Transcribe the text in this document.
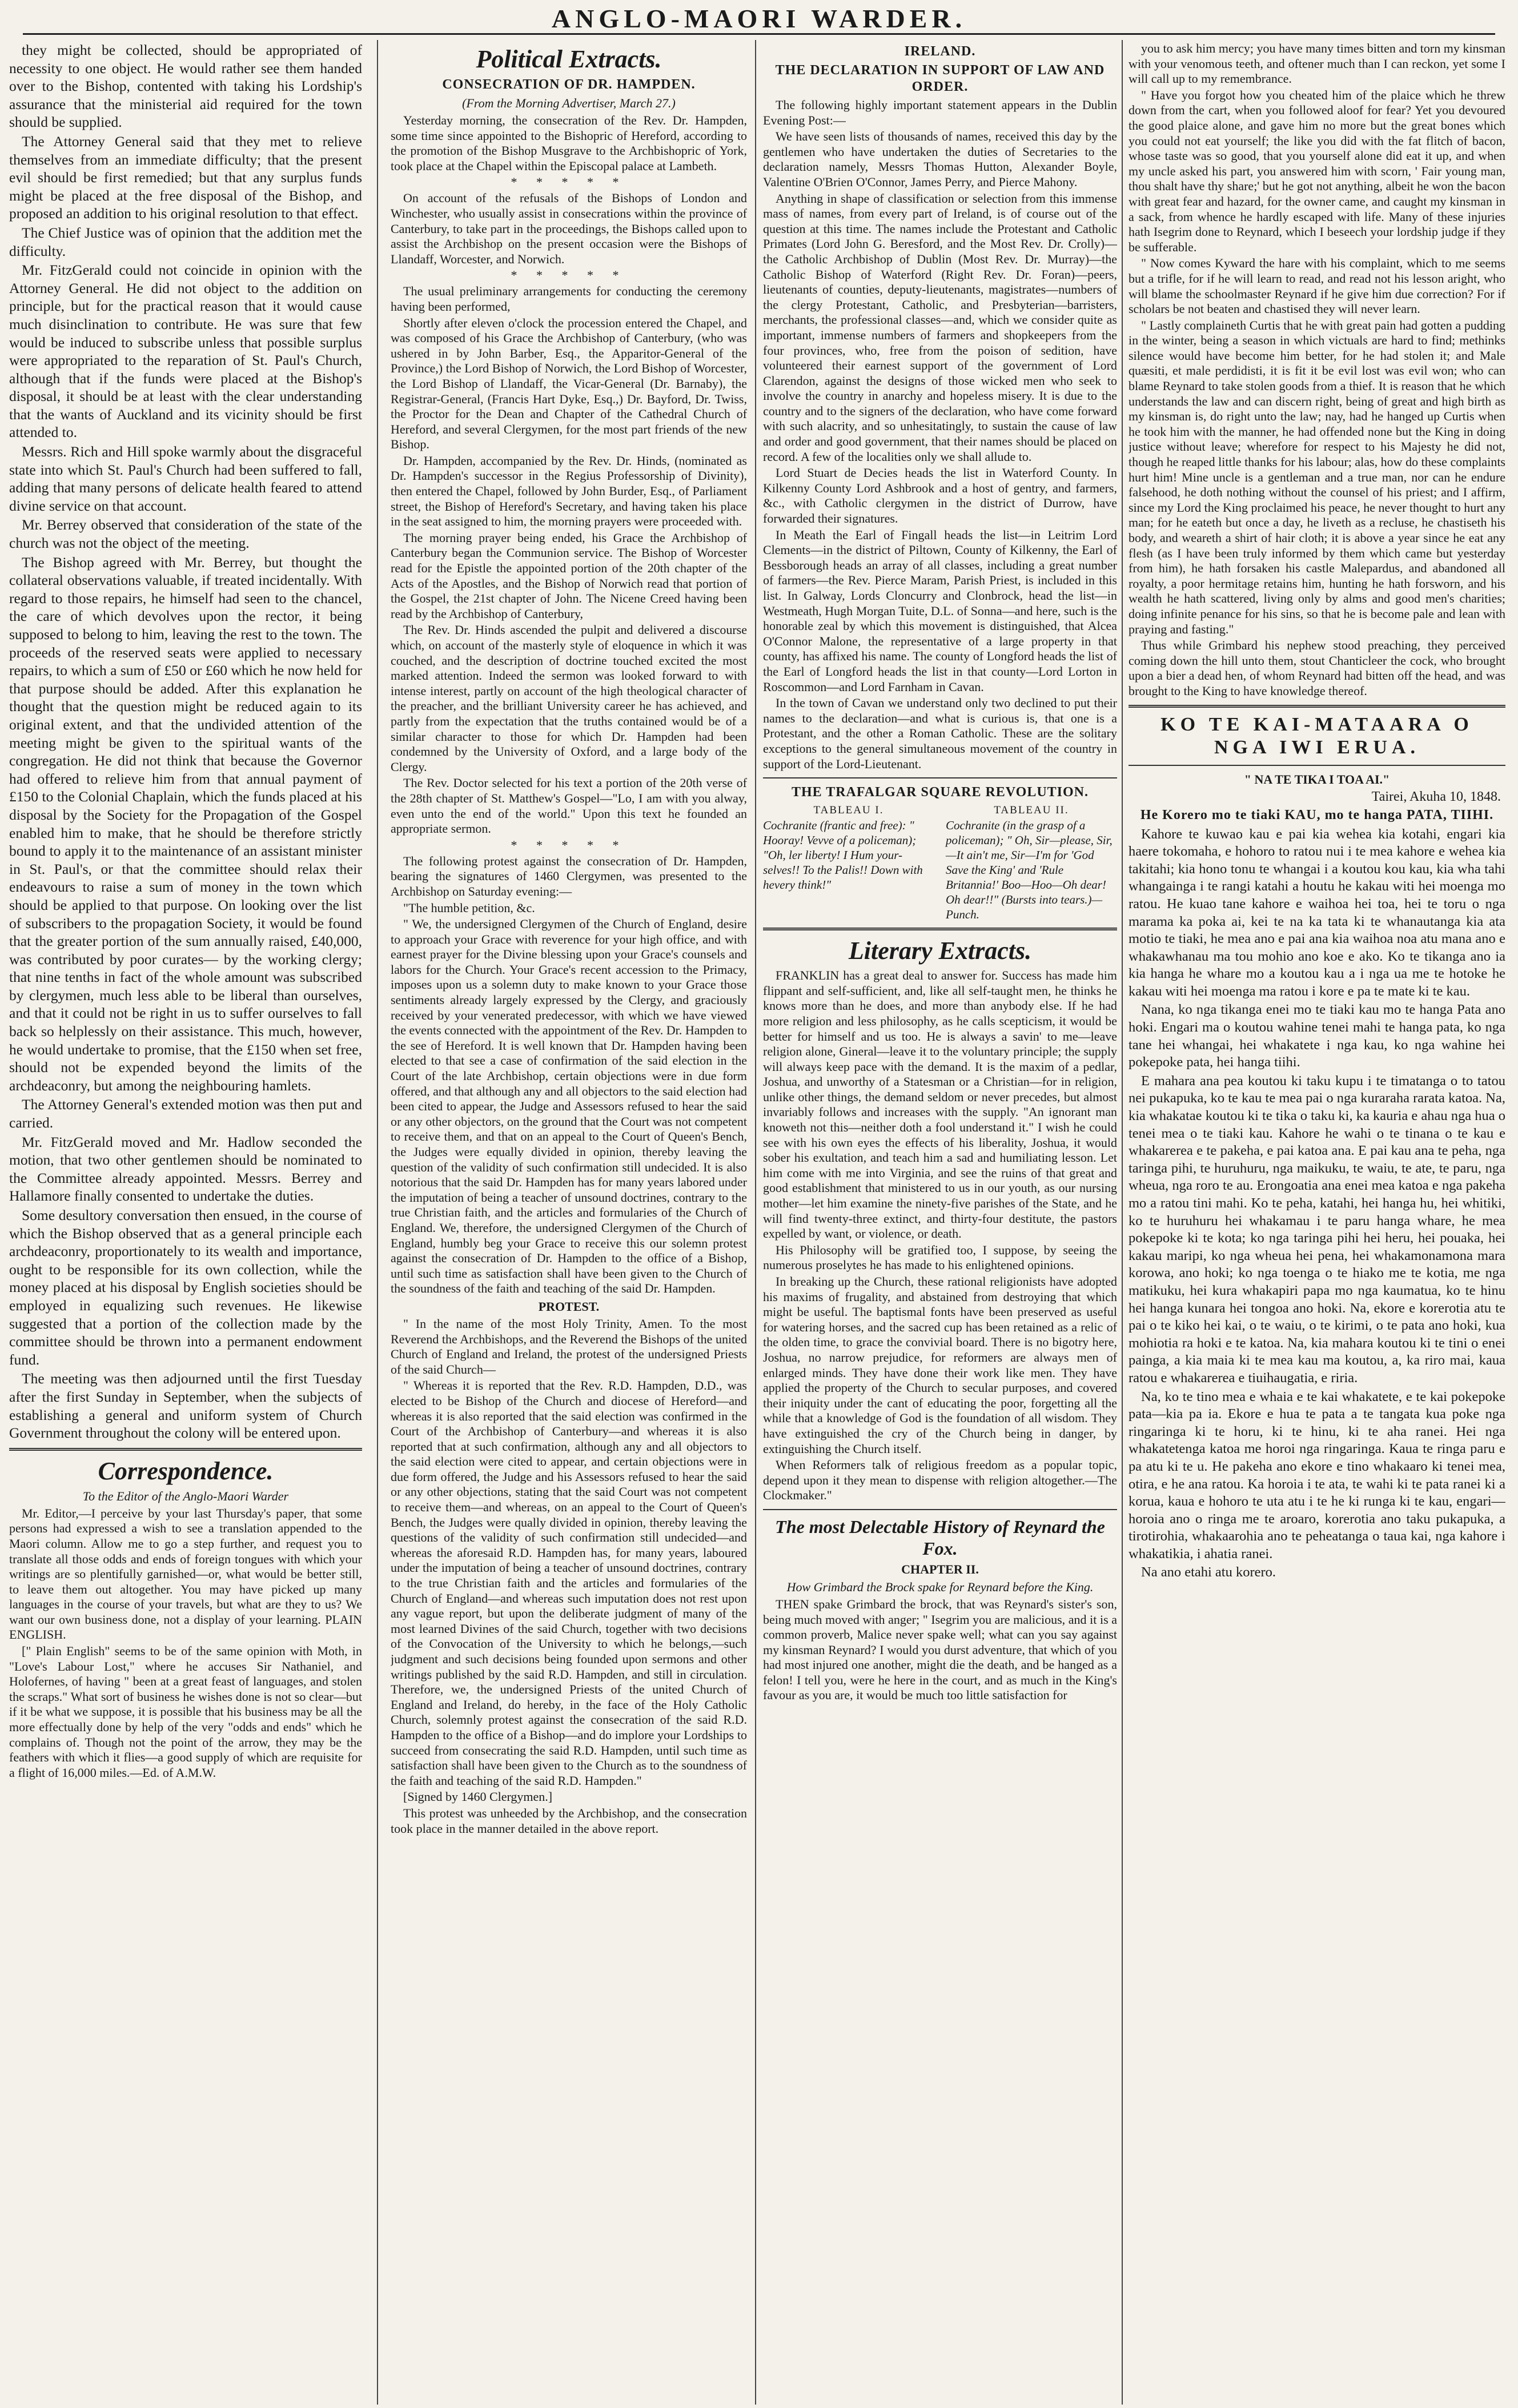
ANGLO-MAORI WARDER.

they might be collected, should be appropriated of necessity to one object. He would rather see them handed over to the Bishop, contented with taking his Lordship's assurance that the ministerial aid required for the town should be supplied.

The Attorney General said that they met to relieve themselves from an immediate difficulty; that the present evil should be first remedied; but that any surplus funds might be placed at the free disposal of the Bishop, and proposed an addition to his original resolution to that effect.

The Chief Justice was of opinion that the addition met the difficulty.

Mr. FitzGerald could not coincide in opinion with the Attorney General. He did not object to the addition on principle, but for the practical reason that it would cause much disinclination to contribute. He was sure that few would be induced to subscribe unless that possible surplus were appropriated to the reparation of St. Paul's Church, although that if the funds were placed at the Bishop's disposal, it should be at least with the clear understanding that the wants of Auckland and its vicinity should be first attended to.

Messrs. Rich and Hill spoke warmly about the disgraceful state into which St. Paul's Church had been suffered to fall, adding that many persons of delicate health feared to attend divine service on that account.

Mr. Berrey observed that consideration of the state of the church was not the object of the meeting.

The Bishop agreed with Mr. Berrey, but thought the collateral observations valuable, if treated incidentally. With regard to those repairs, he himself had seen to the chancel, the care of which devolves upon the rector, it being supposed to belong to him, leaving the rest to the town. The proceeds of the reserved seats were applied to necessary repairs, to which a sum of £50 or £60 which he now held for that purpose should be added. After this explanation he thought that the question might be reduced again to its original extent, and that the undivided attention of the meeting might be given to the spiritual wants of the congregation. He did not think that because the Governor had offered to relieve him from that annual payment of £150 to the Colonial Chaplain, which the funds placed at his disposal by the Society for the Propagation of the Gospel enabled him to make, that he should be therefore strictly bound to apply it to the maintenance of an assistant minister in St. Paul's, or that the committee should relax their endeavours to raise a sum of money in the town which should be applied to that purpose. On looking over the list of subscribers to the propagation Society, it would be found that the greater portion of the sum annually raised, £40,000, was contributed by poor curates— by the working clergy; that nine tenths in fact of the whole amount was subscribed by clergymen, much less able to be liberal than ourselves, and that it could not be right in us to suffer ourselves to fall back so helplessly on their assistance. This much, however, he would undertake to promise, that the £150 when set free, should not be expended beyond the limits of the archdeaconry, but among the neighbouring hamlets.

The Attorney General's extended motion was then put and carried.

Mr. FitzGerald moved and Mr. Hadlow seconded the motion, that two other gentlemen should be nominated to the Committee already appointed. Messrs. Berrey and Hallamore finally consented to undertake the duties.

Some desultory conversation then ensued, in the course of which the Bishop observed that as a general principle each archdeaconry, proportionately to its wealth and importance, ought to be responsible for its own collection, while the money placed at his disposal by English societies should be employed in equalizing such revenues. He likewise suggested that a portion of the collection made by the committee should be thrown into a permanent endowment fund.

The meeting was then adjourned until the first Tuesday after the first Sunday in September, when the subjects of establishing a general and uniform system of Church Government throughout the colony will be entered upon.

Correspondence.
To the Editor of the Anglo-Maori Warder

Mr. Editor,—I perceive by your last Thursday's paper, that some persons had expressed a wish to see a translation appended to the Maori column. Allow me to go a step further, and request you to translate all those odds and ends of foreign tongues with which your writings are so plentifully garnished—or, what would be better still, to leave them out altogether. You may have picked up many languages in the course of your travels, but what are they to us? We want our own business done, not a display of your learning. PLAIN ENGLISH.

[" Plain English" seems to be of the same opinion with Moth, in "Love's Labour Lost," where he accuses Sir Nathaniel, and Holofernes, of having " been at a great feast of languages, and stolen the scraps." What sort of business he wishes done is not so clear—but if it be what we suppose, it is possible that his business may be all the more effectually done by help of the very "odds and ends" which he complains of. Though not the point of the arrow, they may be the feathers with which it flies—a good supply of which are requisite for a flight of 16,000 miles.—Ed. of A.M.W.

Political Extracts.
CONSECRATION OF DR. HAMPDEN.
(From the Morning Advertiser, March 27.)

Yesterday morning, the consecration of the Rev. Dr. Hampden, some time since appointed to the Bishopric of Hereford, according to the promotion of the Bishop Musgrave to the Archbishopric of York, took place at the Chapel within the Episcopal palace at Lambeth.

* * * * *

On account of the refusals of the Bishops of London and Winchester, who usually assist in consecrations within the province of Canterbury, to take part in the proceedings, the Bishops called upon to assist the Archbishop on the present occasion were the Bishops of Llandaff, Worcester, and Norwich.

* * * * *

The usual preliminary arrangements for conducting the ceremony having been performed,

Shortly after eleven o'clock the procession entered the Chapel, and was composed of his Grace the Archbishop of Canterbury, (who was ushered in by John Barber, Esq., the Apparitor-General of the Province,) the Lord Bishop of Norwich, the Lord Bishop of Worcester, the Lord Bishop of Llandaff, the Vicar-General (Dr. Barnaby), the Registrar-General, (Francis Hart Dyke, Esq.,) Dr. Bayford, Dr. Twiss, the Proctor for the Dean and Chapter of the Cathedral Church of Hereford, and several Clergymen, for the most part friends of the new Bishop.

Dr. Hampden, accompanied by the Rev. Dr. Hinds, (nominated as Dr. Hampden's successor in the Regius Professorship of Divinity), then entered the Chapel, followed by John Burder, Esq., of Parliament street, the Bishop of Hereford's Secretary, and having taken his place in the seat assigned to him, the morning prayers were proceeded with.

The morning prayer being ended, his Grace the Archbishop of Canterbury began the Communion service. The Bishop of Worcester read for the Epistle the appointed portion of the 20th chapter of the Acts of the Apostles, and the Bishop of Norwich read that portion of the Gospel, the 21st chapter of John. The Nicene Creed having been read by the Archbishop of Canterbury,

The Rev. Dr. Hinds ascended the pulpit and delivered a discourse which, on account of the masterly style of eloquence in which it was couched, and the description of doctrine touched excited the most marked attention. Indeed the sermon was looked forward to with intense interest, partly on account of the high theological character of the preacher, and the brilliant University career he has achieved, and partly from the expectation that the truths contained would be of a similar character to those for which Dr. Hampden had been condemned by the University of Oxford, and a large body of the Clergy.

The Rev. Doctor selected for his text a portion of the 20th verse of the 28th chapter of St. Matthew's Gospel—"Lo, I am with you alway, even unto the end of the world." Upon this text he founded an appropriate sermon.

* * * * *

The following protest against the consecration of Dr. Hampden, bearing the signatures of 1460 Clergymen, was presented to the Archbishop on Saturday evening:—

"The humble petition, &c.

" We, the undersigned Clergymen of the Church of England, desire to approach your Grace with reverence for your high office, and with earnest prayer for the Divine blessing upon your Grace's counsels and labors for the Church. Your Grace's recent accession to the Primacy, imposes upon us a solemn duty to make known to your Grace those sentiments already largely expressed by the Clergy, and graciously received by your venerated predecessor, with which we have viewed the events connected with the appointment of the Rev. Dr. Hampden to the see of Hereford. It is well known that Dr. Hampden having been elected to that see a case of confirmation of the said election in the Court of the late Archbishop, certain objections were in due form offered, and that although any and all objectors to the said election had been cited to appear, the Judge and Assessors refused to hear the said or any other objectors, on the ground that the Court was not competent to receive them, and that on an appeal to the Court of Queen's Bench, the Judges were equally divided in opinion, thereby leaving the question of the validity of such confirmation still undecided. It is also notorious that the said Dr. Hampden has for many years labored under the imputation of being a teacher of unsound doctrines, contrary to the true Christian faith, and the articles and formularies of the Church of England. We, therefore, the undersigned Clergymen of the Church of England, humbly beg your Grace to receive this our solemn protest against the consecration of Dr. Hampden to the office of a Bishop, until such time as satisfaction shall have been given to the Church of the soundness of the faith and teaching of the said Dr. Hampden.

PROTEST.

" In the name of the most Holy Trinity, Amen. To the most Reverend the Archbishops, and the Reverend the Bishops of the united Church of England and Ireland, the protest of the undersigned Priests of the said Church—

" Whereas it is reported that the Rev. R.D. Hampden, D.D., was elected to be Bishop of the Church and diocese of Hereford—and whereas it is also reported that the said election was confirmed in the Court of the Archbishop of Canterbury—and whereas it is also reported that at such confirmation, although any and all objectors to the said election were cited to appear, and certain objections were in due form offered, the Judge and his Assessors refused to hear the said or any other objections, stating that the said Court was not competent to receive them—and whereas, on an appeal to the Court of Queen's Bench, the Judges were qually divided in opinion, thereby leaving the questions of the validity of such confirmation still undecided—and whereas the aforesaid R.D. Hampden has, for many years, laboured under the imputation of being a teacher of unsound doctrines, contrary to the true Christian faith and the articles and formularies of the Church of England—and whereas such imputation does not rest upon any vague report, but upon the deliberate judgment of many of the most learned Divines of the said Church, together with two decisions of the Convocation of the University to which he belongs,—such judgment and such decisions being founded upon sermons and other writings published by the said R.D. Hampden, and still in circulation. Therefore, we, the undersigned Priests of the united Church of England and Ireland, do hereby, in the face of the Holy Catholic Church, solemnly protest against the consecration of the said R.D. Hampden to the office of a Bishop—and do implore your Lordships to succeed from consecrating the said R.D. Hampden, until such time as satisfaction shall have been given to the Church as to the soundness of the faith and teaching of the said R.D. Hampden."

[Signed by 1460 Clergymen.]

This protest was unheeded by the Archbishop, and the consecration took place in the manner detailed in the above report.

IRELAND.
THE DECLARATION IN SUPPORT OF LAW AND ORDER.

The following highly important statement appears in the Dublin Evening Post:—

We have seen lists of thousands of names, received this day by the gentlemen who have undertaken the duties of Secretaries to the declaration namely, Messrs Thomas Hutton, Alexander Boyle, Valentine O'Brien O'Connor, James Perry, and Pierce Mahony.

Anything in shape of classification or selection from this immense mass of names, from every part of Ireland, is of course out of the question at this time. The names include the Protestant and Catholic Primates (Lord John G. Beresford, and the Most Rev. Dr. Crolly)—the Catholic Archbishop of Dublin (Most Rev. Dr. Murray)—the Catholic Bishop of Waterford (Right Rev. Dr. Foran)—peers, lieutenants of counties, deputy-lieutenants, magistrates—numbers of the clergy Protestant, Catholic, and Presbyterian—barristers, merchants, the professional classes—and, which we consider quite as important, immense numbers of farmers and shopkeepers from the four provinces, who, free from the poison of sedition, have volunteered their earnest support of the government of Lord Clarendon, against the designs of those wicked men who seek to involve the country in anarchy and hopeless misery. It is due to the country and to the signers of the declaration, who have come forward with such alacrity, and so unhesitatingly, to sustain the cause of law and order and good government, that their names should be placed on record. A few of the localities only we shall allude to.

Lord Stuart de Decies heads the list in Waterford County. In Kilkenny County Lord Ashbrook and a host of gentry, and farmers, &c., with Catholic clergymen in the district of Durrow, have forwarded their signatures.

In Meath the Earl of Fingall heads the list—in Leitrim Lord Clements—in the district of Piltown, County of Kilkenny, the Earl of Bessborough heads an array of all classes, including a great number of farmers—the Rev. Pierce Maram, Parish Priest, is included in this list. In Galway, Lords Cloncurry and Clonbrock, head the list—in Westmeath, Hugh Morgan Tuite, D.L. of Sonna—and here, such is the honorable zeal by which this movement is distinguished, that Alcea O'Connor Malone, the representative of a large property in that county, has affixed his name. The county of Longford heads the list of the Earl of Longford heads the list in that county—Lord Lorton in Roscommon—and Lord Farnham in Cavan.

In the town of Cavan we understand only two declined to put their names to the declaration—and what is curious is, that one is a Protestant, and the other a Roman Catholic. These are the solitary exceptions to the general simultaneous movement of the country in support of the Lord-Lieutenant.

THE TRAFALGAR SQUARE REVOLUTION.
TABLEAU I.
Cochranite (frantic and free): " Hooray! Vevve of a policeman); "Oh, ler liberty! I Hum your-selves!! To the Palis!! Down with hevery think!"
TABLEAU II.
Cochranite (in the grasp of a policeman); " Oh, Sir—please, Sir,—It ain't me, Sir—I'm for 'God Save the King' and 'Rule Britannia!' Boo—Hoo—Oh dear! Oh dear!!" (Bursts into tears.)— Punch.
Literary Extracts.

FRANKLIN has a great deal to answer for. Success has made him flippant and self-sufficient, and, like all self-taught men, he thinks he knows more than he does, and more than anybody else. If he had more religion and less philosophy, as he calls scepticism, it would be better for himself and us too. He is always a savin' to me—leave religion alone, Gineral—leave it to the voluntary principle; the supply will always keep pace with the demand. It is the maxim of a pedlar, Joshua, and unworthy of a Statesman or a Christian—for in religion, unlike other things, the demand seldom or never precedes, but almost invariably follows and increases with the supply. "An ignorant man knoweth not this—neither doth a fool understand it." I wish he could see with his own eyes the effects of his liberality, Joshua, it would sober his exultation, and teach him a sad and humiliating lesson. Let him come with me into Virginia, and see the ruins of that great and good establishment that ministered to us in our youth, as our nursing mother—let him examine the ninety-five parishes of the State, and he will find twenty-three extinct, and thirty-four destitute, the pastors expelled by want, or violence, or death.

His Philosophy will be gratified too, I suppose, by seeing the numerous proselytes he has made to his enlightened opinions.

In breaking up the Church, these rational religionists have adopted his maxims of frugality, and abstained from destroying that which might be useful. The baptismal fonts have been preserved as useful for watering horses, and the sacred cup has been retained as a relic of the olden time, to grace the convivial board. There is no bigotry here, Joshua, no narrow prejudice, for reformers are always men of enlarged minds. They have done their work like men. They have applied the property of the Church to secular purposes, and covered their iniquity under the cant of educating the poor, forgetting all the while that a knowledge of God is the foundation of all wisdom. They have extinguished the cry of the Church being in danger, by extinguishing the Church itself.

When Reformers talk of religious freedom as a popular topic, depend upon it they mean to dispense with religion altogether.—The Clockmaker."

The most Delectable History of Reynard the Fox.
CHAPTER II.
How Grimbard the Brock spake for Reynard before the King.

THEN spake Grimbard the brock, that was Reynard's sister's son, being much moved with anger; " Isegrim you are malicious, and it is a common proverb, Malice never spake well; what can you say against my kinsman Reynard? I would you durst adventure, that which of you had most injured one another, might die the death, and be hanged as a felon! I tell you, were he here in the court, and as much in the King's favour as you are, it would be much too little satisfaction for

you to ask him mercy; you have many times bitten and torn my kinsman with your venomous teeth, and oftener much than I can reckon, yet some I will call up to my remembrance.

" Have you forgot how you cheated him of the plaice which he threw down from the cart, when you followed aloof for fear? Yet you devoured the good plaice alone, and gave him no more but the great bones which you could not eat yourself; the like you did with the fat flitch of bacon, whose taste was so good, that you yourself alone did eat it up, and when my uncle asked his part, you answered him with scorn, ' Fair young man, thou shalt have thy share;' but he got not anything, albeit he won the bacon with great fear and hazard, for the owner came, and caught my kinsman in a sack, from whence he hardly escaped with life. Many of these injuries hath Isegrim done to Reynard, which I beseech your lordship judge if they be sufferable.

" Now comes Kyward the hare with his complaint, which to me seems but a trifle, for if he will learn to read, and read not his lesson aright, who will blame the schoolmaster Reynard if he give him due correction? For if scholars be not beaten and chastised they will never learn.

" Lastly complaineth Curtis that he with great pain had gotten a pudding in the winter, being a season in which victuals are hard to find; methinks silence would have become him better, for he had stolen it; and Male quæsiti, et male perdidisti, it is fit it be evil lost was evil won; who can blame Reynard to take stolen goods from a thief. It is reason that he which understands the law and can discern right, being of great and high birth as my kinsman is, do right unto the law; nay, had he hanged up Curtis when he took him with the manner, he had offended none but the King in doing justice without leave; wherefore for respect to his Majesty he did not, though he reaped little thanks for his labour; alas, how do these complaints hurt him! Mine uncle is a gentleman and a true man, nor can he endure falsehood, he doth nothing without the counsel of his priest; and I affirm, since my Lord the King proclaimed his peace, he never thought to hurt any man; for he eateth but once a day, he liveth as a recluse, he chastiseth his body, and weareth a shirt of hair cloth; it is above a year since he eat any flesh (as I have been truly informed by them which came but yesterday from him), he hath forsaken his castle Malepardus, and abandoned all royalty, a poor hermitage retains him, hunting he hath forsworn, and his wealth he hath scattered, living only by alms and good men's charities; doing infinite penance for his sins, so that he is become pale and lean with praying and fasting."

Thus while Grimbard his nephew stood preaching, they perceived coming down the hill unto them, stout Chanticleer the cock, who brought upon a bier a dead hen, of whom Reynard had bitten off the head, and was brought to the King to have knowledge thereof.

KO TE KAI-MATAARA O NGA IWI ERUA.
" NA TE TIKA I TOA AI."
Tairei, Akuha 10, 1848.
He Korero mo te tiaki KAU, mo te hanga PATA, TIIHI.

Kahore te kuwao kau e pai kia wehea kia kotahi, engari kia haere tokomaha, e hohoro to ratou nui i te mea kahore e wehea kia takitahi; kia hono tonu te whangai i a koutou kou kau, kia wha tahi whangainga i te rangi katahi a houtu he kakau witi hei moenga mo ratou. He kuao tane kahore e waihoa hei toa, hei te toru o nga marama ka poka ai, kei te na ka tata ki te whanautanga kia ata motio te tiaki, he mea ano e pai ana kia waihoa noa atu mana ano e whakawhanau ma tou mohio ano koe e ako. Ko te tikanga ano ia kia hanga he whare mo a koutou kau a i nga ua me te hotoke he kakau witi hei moenga ma ratou i kore e pa te mate ki te kau.

Nana, ko nga tikanga enei mo te tiaki kau mo te hanga Pata ano hoki. Engari ma o koutou wahine tenei mahi te hanga pata, ko nga tane hei whangai, hei whakatete i nga kau, ko nga wahine hei pokepoke pata, hei hanga tiihi.

E mahara ana pea koutou ki taku kupu i te timatanga o to tatou nei pukapuka, ko te kau te mea pai o nga kuraraha rarata katoa. Na, kia whakatae koutou ki te tika o taku ki, ka kauria e ahau nga hua o tenei mea o te tiaki kau. Kahore he wahi o te tinana o te kau e whakarerea e te pakeha, e pai katoa ana. E pai kau ana te peha, nga taringa pihi, te huruhuru, nga maikuku, te waiu, te ate, te paru, nga wheua, nga roro te au. Erongoatia ana enei mea katoa e nga pakeha mo a ratou tini mahi. Ko te peha, katahi, hei hanga hu, hei whitiki, ko te huruhuru hei whakamau i te paru hanga whare, he mea pokepoke ki te kota; ko nga taringa pihi hei heru, hei pouaka, hei kakau maripi, ko nga wheua hei pena, hei whakamonamona mara korowa, ano hoki; ko nga toenga o te hiako me te kotia, me nga matikuku, hei kura whakapiri papa mo nga kaumatua, ko te hinu hei hanga kunara hei tongoa ano hoki. Na, ekore e korerotia atu te pai o te kiko hei kai, o te waiu, o te kirimi, o te pata ano hoki, kua mohiotia ra hoki e te katoa. Na, kia mahara koutou ki te tini o enei painga, a kia maia ki te mea kau ma koutou, a, ka riro mai, kaua ratou e whakarerea e tiuihaugatia, e riria.

Na, ko te tino mea e whaia e te kai whakatete, e te kai pokepoke pata—kia pa ia. Ekore e hua te pata a te tangata kua poke nga ringaringa ki te horu, ki te hinu, ki te aha ranei. Hei nga whakatetenga katoa me horoi nga ringaringa. Kaua te ringa paru e pa atu ki te u. He pakeha ano ekore e tino whakaaro ki tenei mea, otira, e he ana ratou. Ka horoia i te ata, te wahi ki te pata ranei ki a korua, kaua e hohoro te uta atu i te he ki runga ki te kau, engari—horoia ano o ringa me te aroaro, korerotia ano taku pukapuka, a tirotirohia, whakaarohia ano te peheatanga o taua kai, nga kahore i whakatikia, i ahatia ranei.

Na ano etahi atu korero.
